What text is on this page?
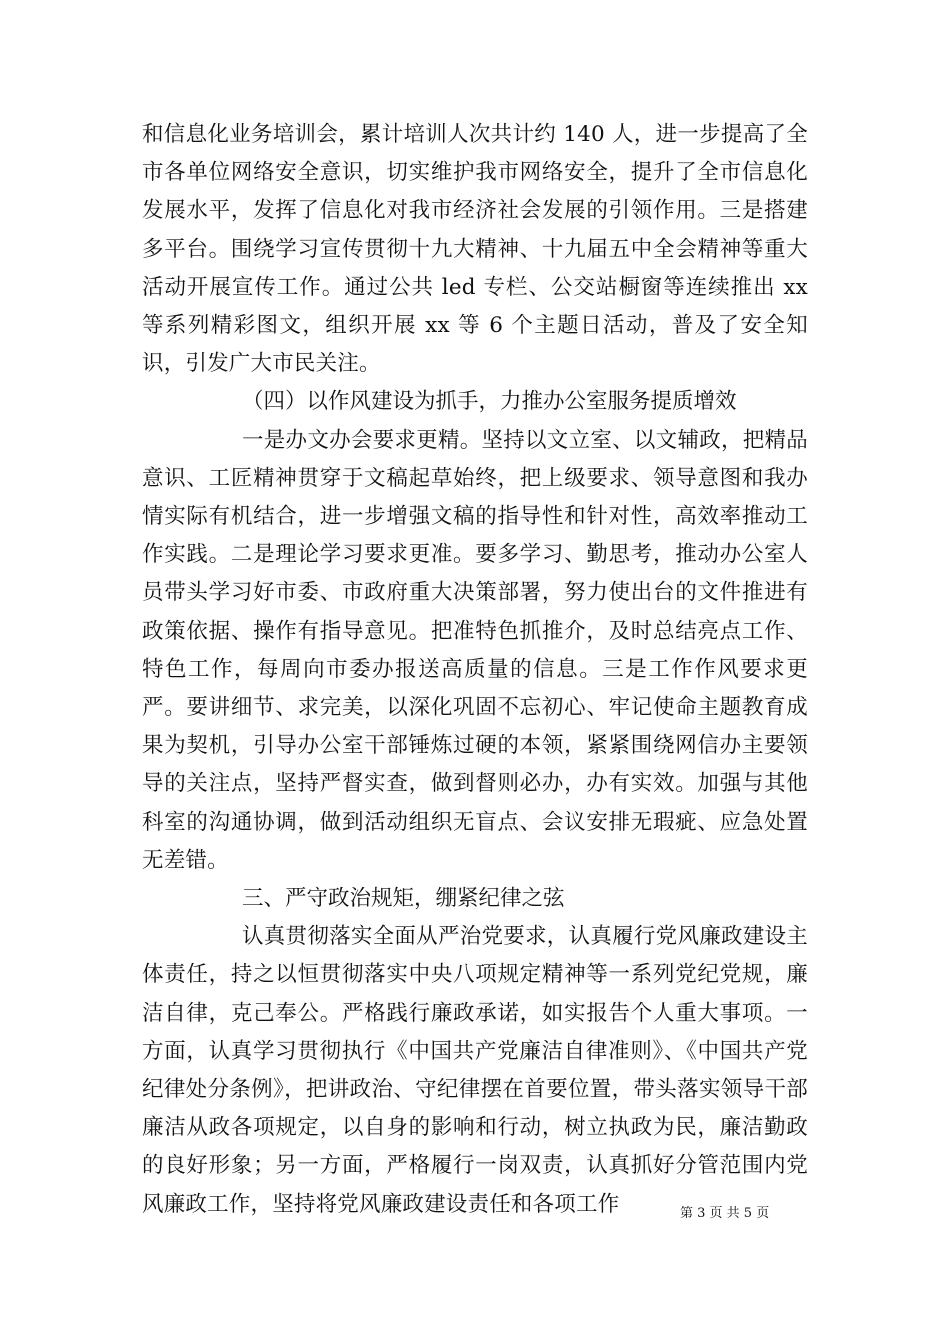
和信息化业务培训会，累计培训人次共计约 140 人，进一步提高了全市各单位网络安全意识，切实维护我市网络安全，提升了全市信息化发展水平，发挥了信息化对我市经济社会发展的引领作用。三是搭建多平台。围绕学习宣传贯彻十九大精神、十九届五中全会精神等重大活动开展宣传工作。通过公共 led 专栏、公交站橱窗等连续推出 xx 等系列精彩图文，组织开展 xx 等 6 个主题日活动，普及了安全知识，引发广大市民关注。

（四）以作风建设为抓手，力推办公室服务提质增效

一是办文办会要求更精。坚持以文立室、以文辅政，把精品意识、工匠精神贯穿于文稿起草始终，把上级要求、领导意图和我办情实际有机结合，进一步增强文稿的指导性和针对性，高效率推动工作实践。二是理论学习要求更准。要多学习、勤思考，推动办公室人员带头学习好市委、市政府重大决策部署，努力使出台的文件推进有政策依据、操作有指导意见。把准特色抓推介，及时总结亮点工作、特色工作，每周向市委办报送高质量的信息。三是工作作风要求更严。要讲细节、求完美，以深化巩固不忘初心、牢记使命主题教育成果为契机，引导办公室干部锤炼过硬的本领，紧紧围绕网信办主要领导的关注点，坚持严督实查，做到督则必办，办有实效。加强与其他科室的沟通协调，做到活动组织无盲点、会议安排无瑕疵、应急处置无差错。

三、严守政治规矩，绷紧纪律之弦

认真贯彻落实全面从严治党要求，认真履行党风廉政建设主体责任，持之以恒贯彻落实中央八项规定精神等一系列党纪党规，廉洁自律，克己奉公。严格践行廉政承诺，如实报告个人重大事项。一方面，认真学习贯彻执行《中国共产党廉洁自律准则》、《中国共产党纪律处分条例》，把讲政治、守纪律摆在首要位置，带头落实领导干部廉洁从政各项规定，以自身的影响和行动，树立执政为民，廉洁勤政的良好形象；另一方面，严格履行一岗双责，认真抓好分管范围内党风廉政工作，坚持将党风廉政建设责任和各项工作	第 3 页 共 5 页
